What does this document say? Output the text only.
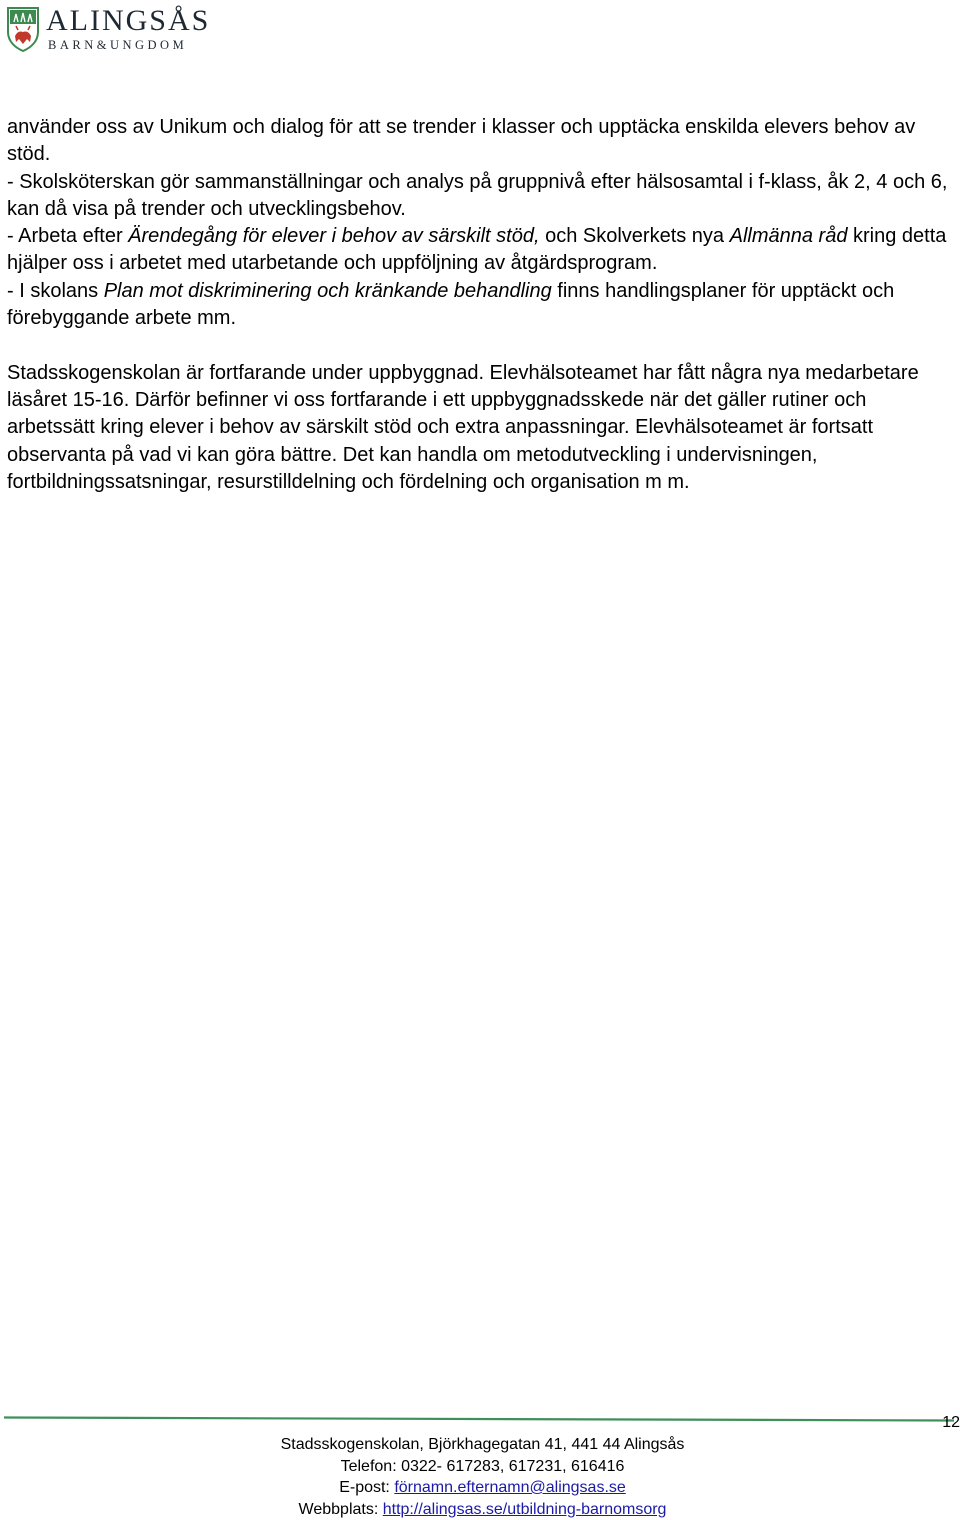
ALINGSÅS
BARN&UNGDOM

använder oss av Unikum och dialog för att se trender i klasser och upptäcka enskilda elevers behov av stöd.

- Skolsköterskan gör sammanställningar och analys på gruppnivå efter hälsosamtal i f-klass, åk 2, 4 och 6, kan då visa på trender och utvecklingsbehov.

- Arbeta efter Ärendegång för elever i behov av särskilt stöd, och Skolverkets nya Allmänna råd kring detta hjälper oss i arbetet med utarbetande och uppföljning av åtgärdsprogram.

- I skolans Plan mot diskriminering och kränkande behandling finns handlingsplaner för upptäckt och förebyggande arbete mm.

Stadsskogenskolan är fortfarande under uppbyggnad. Elevhälsoteamet har fått några nya medarbetare läsåret 15-16. Därför befinner vi oss fortfarande i ett uppbyggnadsskede när det gäller rutiner och arbetssätt kring elever i behov av särskilt stöd och extra anpassningar. Elevhälsoteamet är fortsatt observanta på vad vi kan göra bättre. Det kan handla om metodutveckling i undervisningen, fortbildningssatsningar, resurstilldelning och fördelning och organisation m m.

12
Stadsskogenskolan, Björkhagegatan 41, 441 44 Alingsås
Telefon: 0322- 617283, 617231, 616416
E-post: förnamn.efternamn@alingsas.se
Webbplats: http://alingsas.se/utbildning-barnomsorg
